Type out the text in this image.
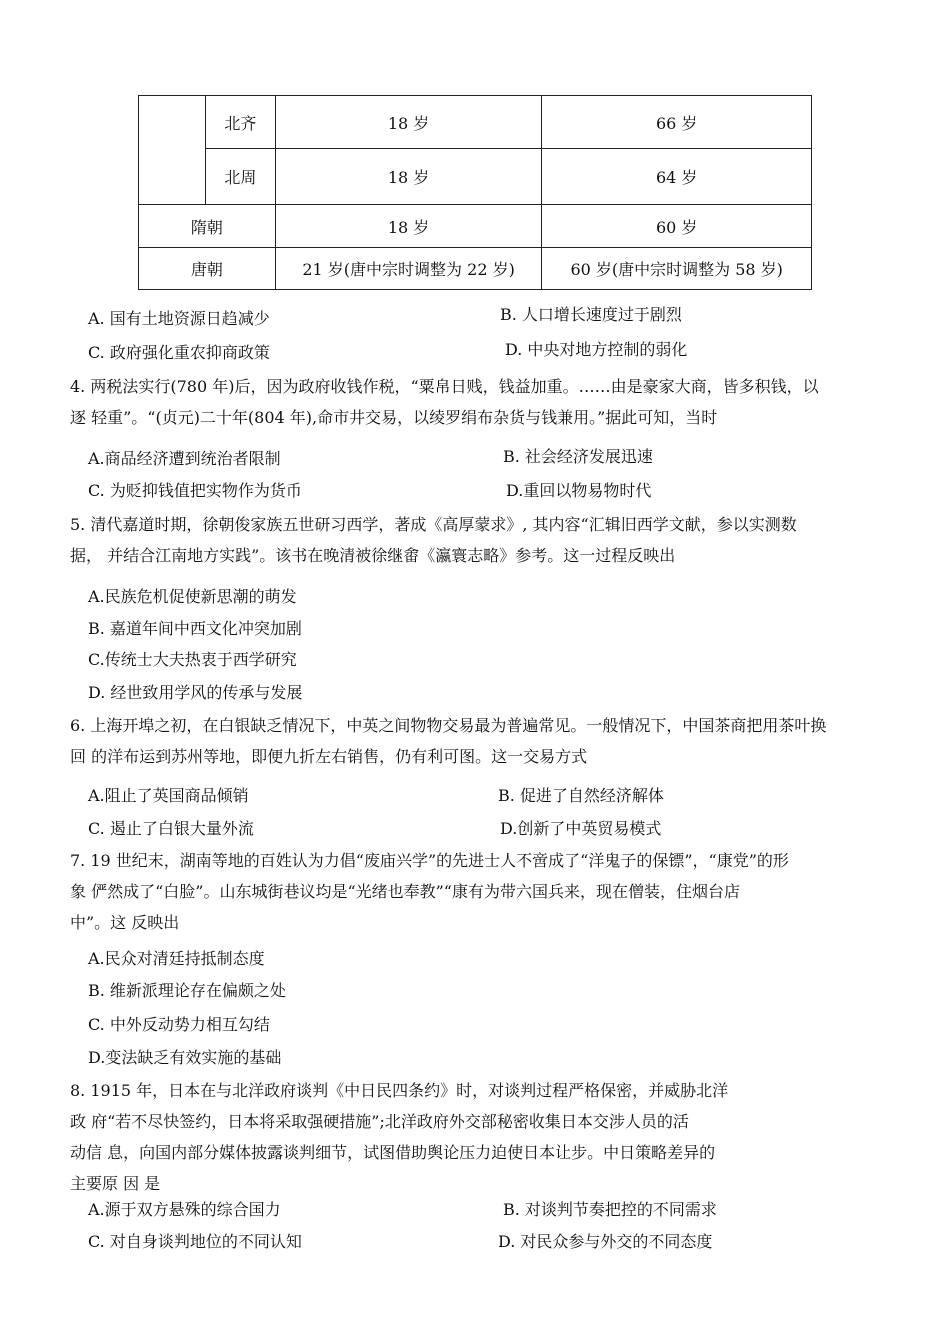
	北齐	18 岁	66 岁
	北周	18 岁	64 岁
隋朝		18 岁	60 岁
唐朝		21 岁(唐中宗时调整为 22 岁)	60 岁(唐中宗时调整为 58 岁)
A. 国有土地资源日趋减少	B. 人口增长速度过于剧烈
C. 政府强化重农抑商政策	D. 中央对地方控制的弱化

4. 两税法实行(780 年)后，因为政府收钱作税，“粟帛日贱，钱益加重。……由是豪家大商，皆多积钱，以

逐 轻重”。“(贞元)二十年(804 年),命市井交易，以绫罗绢布杂货与钱兼用。”据此可知，当时

A.商品经济遭到统治者限制	B. 社会经济发展迅速
C. 为贬抑钱值把实物作为货币	D.重回以物易物时代

5. 清代嘉道时期，徐朝俊家族五世研习西学，著成《高厚蒙求》, 其内容“汇辑旧西学文献，参以实测数

据， 并结合江南地方实践”。该书在晚清被徐继畬《瀛寰志略》参考。这一过程反映出

A.民族危机促使新思潮的萌发
B. 嘉道年间中西文化冲突加剧
C.传统士大夫热衷于西学研究
D. 经世致用学风的传承与发展

6. 上海开埠之初，在白银缺乏情况下，中英之间物物交易最为普遍常见。一般情况下，中国茶商把用茶叶换

回 的洋布运到苏州等地，即便九折左右销售，仍有利可图。这一交易方式

A.阻止了英国商品倾销	B. 促进了自然经济解体
C. 遏止了白银大量外流	D.创新了中英贸易模式

7. 19 世纪末，湖南等地的百姓认为力倡“废庙兴学”的先进士人不啻成了“洋鬼子的保镖”，“康党”的形

象 俨然成了“白脸”。山东城街巷议均是“光绪也奉教”“康有为带六国兵来，现在僧装，住烟台店

中”。这 反映出

A.民众对清廷持抵制态度
B. 维新派理论存在偏颇之处
C. 中外反动势力相互勾结
D.变法缺乏有效实施的基础

8. 1915 年，日本在与北洋政府谈判《中日民四条约》时，对谈判过程严格保密，并威胁北洋

政 府“若不尽快签约，日本将采取强硬措施”;北洋政府外交部秘密收集日本交涉人员的活

动信 息，向国内部分媒体披露谈判细节，试图借助舆论压力迫使日本让步。中日策略差异的

主要原 因 是

A.源于双方悬殊的综合国力	B. 对谈判节奏把控的不同需求
C. 对自身谈判地位的不同认知	D. 对民众参与外交的不同态度
